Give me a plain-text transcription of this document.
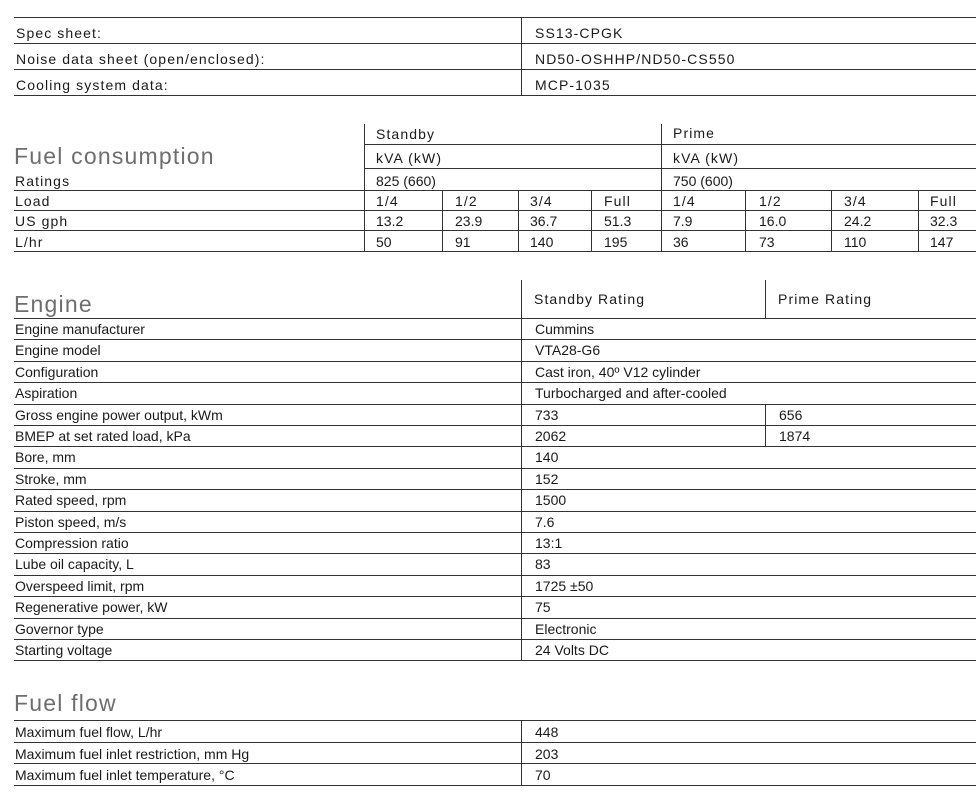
Spec sheet:	SS13-CPGK
Noise data sheet (open/enclosed):	ND50-OSHHP/ND50-CS550
Cooling system data:	MCP-1035
Fuel consumption
Standby	Prime
kVA (kW)	kVA (kW)
Ratings	825 (660)	750 (600)
Load	1/4	1/2	3/4	Full	1/4	1/2	3/4	Full
US gph	13.2	23.9	36.7	51.3	7.9	16.0	24.2	32.3
L/hr	50	91	140	195	36	73	110	147
Engine	Standby Rating	Prime Rating
Engine manufacturer	Cummins
Engine model	VTA28-G6
Configuration	Cast iron, 40º V12 cylinder
Aspiration	Turbocharged and after-cooled
Gross engine power output, kWm	733	656
BMEP at set rated load, kPa	2062	1874
Bore, mm	140
Stroke, mm	152
Rated speed, rpm	1500
Piston speed, m/s	7.6
Compression ratio	13:1
Lube oil capacity, L	83
Overspeed limit, rpm	1725 ±50
Regenerative power, kW	75
Governor type	Electronic
Starting voltage	24 Volts DC
Fuel flow
Maximum fuel flow, L/hr	448
Maximum fuel inlet restriction, mm Hg	203
Maximum fuel inlet temperature, °C	70
